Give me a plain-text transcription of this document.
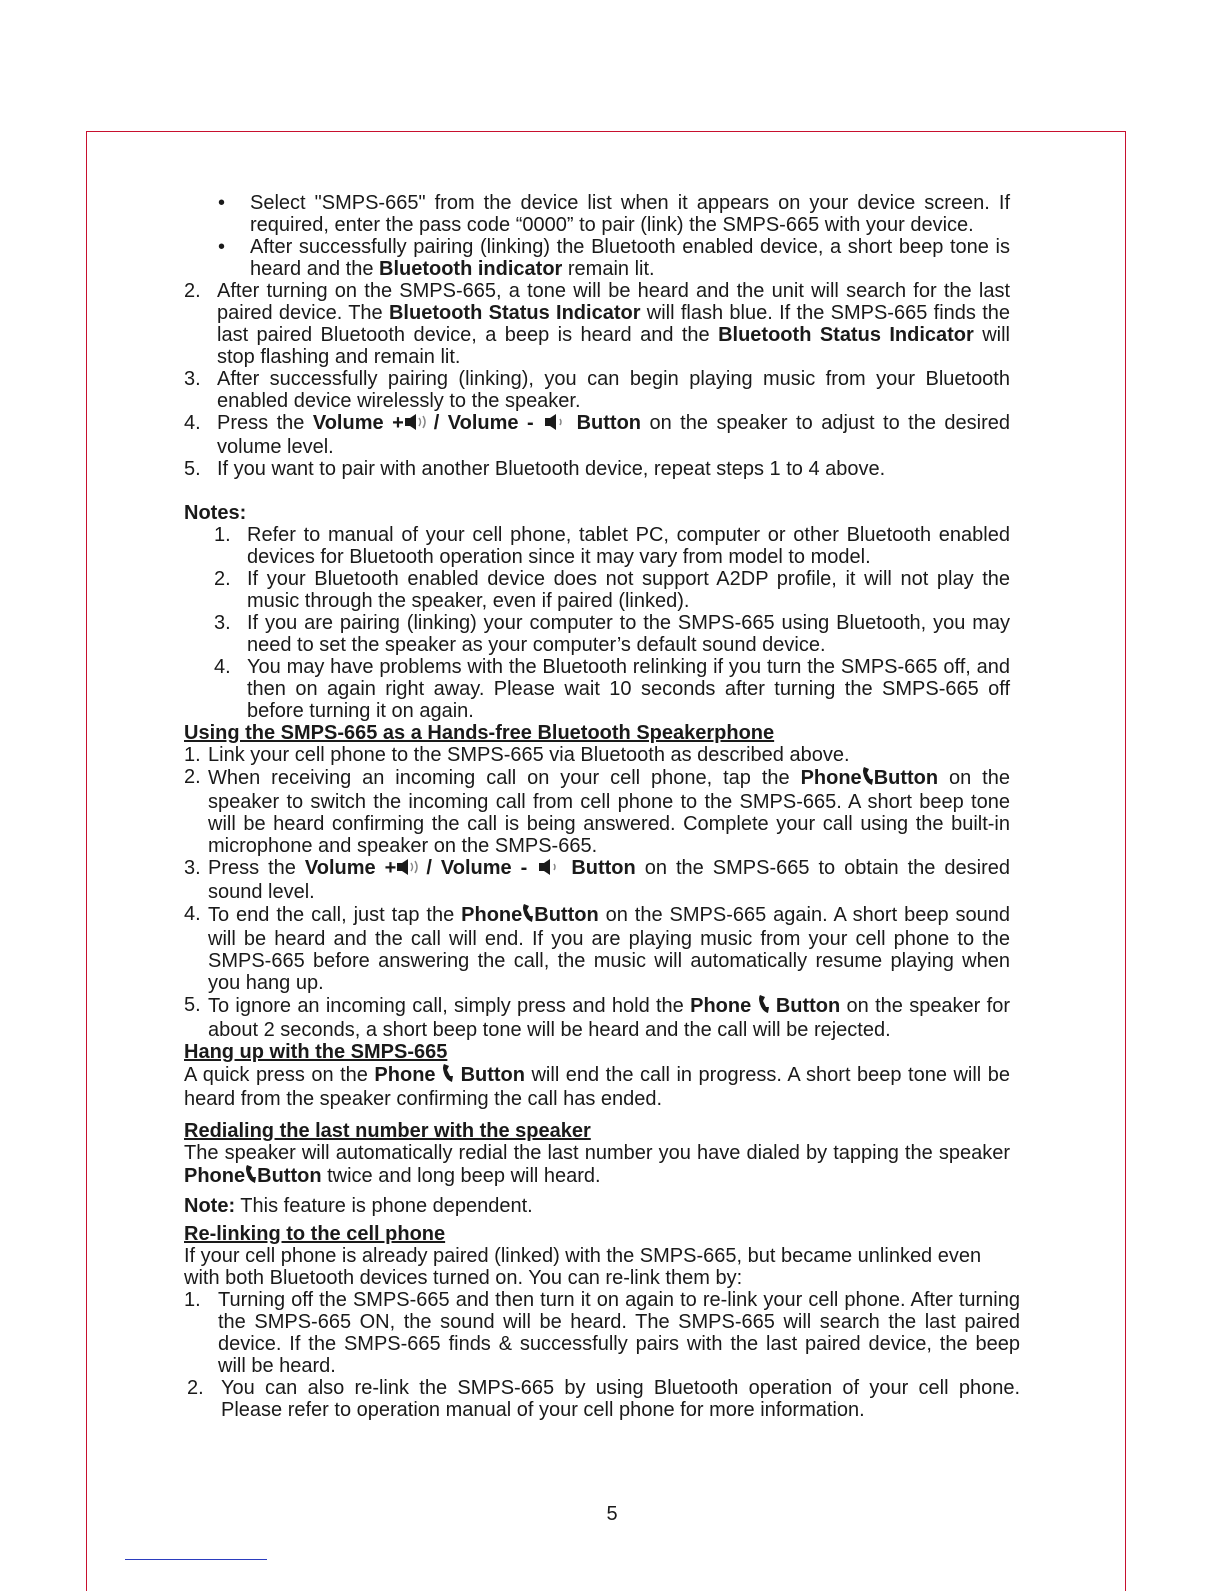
•	Select "SMPS-665" from the device list when it appears on your device screen. If required, enter the pass code “0000” to pair (link) the SMPS-665 with your device.
•	After successfully pairing (linking) the Bluetooth enabled device, a short beep tone is heard and the Bluetooth indicator remain lit.
2. After turning on the SMPS-665, a tone will be heard and the unit will search for the last paired device. The Bluetooth Status Indicator will flash blue. If the SMPS-665 finds the last paired Bluetooth device, a beep is heard and the Bluetooth Status Indicator will stop flashing and remain lit.
3. After successfully pairing (linking), you can begin playing music from your Bluetooth enabled device wirelessly to the speaker.
4. Press the Volume + / Volume -  Button on the speaker to adjust to the desired volume level.
5. If you want to pair with another Bluetooth device, repeat steps 1 to 4 above.
Notes:
1. Refer to manual of your cell phone, tablet PC, computer or other Bluetooth enabled devices for Bluetooth operation since it may vary from model to model.
2. If your Bluetooth enabled device does not support A2DP profile, it will not play the music through the speaker, even if paired (linked).
3. If you are pairing (linking) your computer to the SMPS-665 using Bluetooth, you may need to set the speaker as your computer’s default sound device.
4. You may have problems with the Bluetooth relinking if you turn the SMPS-665 off, and then on again right away. Please wait 10 seconds after turning the SMPS-665 off before turning it on again.
Using the SMPS-665 as a Hands-free Bluetooth Speakerphone
1. Link your cell phone to the SMPS-665 via Bluetooth as described above.
2. When receiving an incoming call on your cell phone, tap the Phone Button on the speaker to switch the incoming call from cell phone to the SMPS-665. A short beep tone will be heard confirming the call is being answered. Complete your call using the built-in microphone and speaker on the SMPS-665.
3. Press the Volume + / Volume -  Button on the SMPS-665 to obtain the desired sound level.
4. To end the call, just tap the Phone Button on the SMPS-665 again. A short beep sound will be heard and the call will end. If you are playing music from your cell phone to the SMPS-665 before answering the call, the music will automatically resume playing when you hang up.
5. To ignore an incoming call, simply press and hold the Phone  Button on the speaker for about 2 seconds, a short beep tone will be heard and the call will be rejected.
Hang up with the SMPS-665
A quick press on the Phone  Button will end the call in progress. A short beep tone will be heard from the speaker confirming the call has ended.
Redialing the last number with the speaker
The speaker will automatically redial the last number you have dialed by tapping the speaker Phone Button twice and long beep will heard.
Note: This feature is phone dependent.
Re-linking to the cell phone
If your cell phone is already paired (linked) with the SMPS-665, but became unlinked even with both Bluetooth devices turned on. You can re-link them by:
1. Turning off the SMPS-665 and then turn it on again to re-link your cell phone. After turning the SMPS-665 ON, the sound will be heard. The SMPS-665 will search the last paired device. If the SMPS-665 finds & successfully pairs with the last paired device, the beep will be heard.
2. You can also re-link the SMPS-665 by using Bluetooth operation of your cell phone. Please refer to operation manual of your cell phone for more information.
5
